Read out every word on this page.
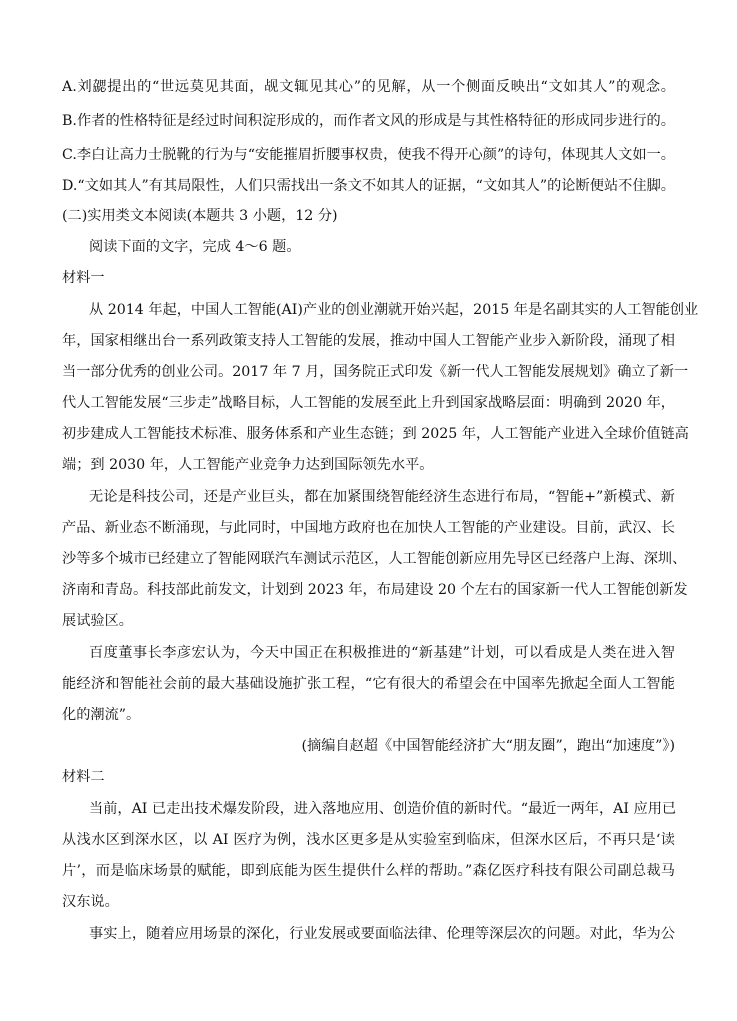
A.刘勰提出的“世远莫见其面，觇文辄见其心”的见解，从一个侧面反映出“文如其人”的观念。
B.作者的性格特征是经过时间积淀形成的，而作者文风的形成是与其性格特征的形成同步进行的。
C.李白让高力士脱靴的行为与“安能摧眉折腰事权贵，使我不得开心颜”的诗句，体现其人文如一。
D.“文如其人”有其局限性，人们只需找出一条文不如其人的证据，“文如其人”的论断便站不住脚。
(二)实用类文本阅读(本题共 3 小题，12 分)
阅读下面的文字，完成 4～6 题。
材料一
从 2014 年起，中国人工智能(AI)产业的创业潮就开始兴起，2015 年是名副其实的人工智能创业
年，国家相继出台一系列政策支持人工智能的发展，推动中国人工智能产业步入新阶段，涌现了相
当一部分优秀的创业公司。2017 年 7 月，国务院正式印发《新一代人工智能发展规划》确立了新一
代人工智能发展“三步走”战略目标，人工智能的发展至此上升到国家战略层面：明确到 2020 年，
初步建成人工智能技术标准、服务体系和产业生态链；到 2025 年，人工智能产业进入全球价值链高
端；到 2030 年，人工智能产业竞争力达到国际领先水平。
无论是科技公司，还是产业巨头，都在加紧围绕智能经济生态进行布局，“智能+”新模式、新
产品、新业态不断涌现，与此同时，中国地方政府也在加快人工智能的产业建设。目前，武汉、长
沙等多个城市已经建立了智能网联汽车测试示范区，人工智能创新应用先导区已经落户上海、深圳、
济南和青岛。科技部此前发文，计划到 2023 年，布局建设 20 个左右的国家新一代人工智能创新发
展试验区。
百度董事长李彦宏认为，今天中国正在积极推进的“新基建”计划，可以看成是人类在进入智
能经济和智能社会前的最大基础设施扩张工程，“它有很大的希望会在中国率先掀起全面人工智能
化的潮流”。
(摘编自赵超《中国智能经济扩大“朋友圈”，跑出“加速度”》)
材料二
当前，AI 已走出技术爆发阶段，进入落地应用、创造价值的新时代。“最近一两年，AI 应用已
从浅水区到深水区，以 AI 医疗为例，浅水区更多是从实验室到临床，但深水区后，不再只是‘读
片’，而是临床场景的赋能，即到底能为医生提供什么样的帮助。”森亿医疗科技有限公司副总裁马
汉东说。
事实上，随着应用场景的深化，行业发展或要面临法律、伦理等深层次的问题。对此，华为公
